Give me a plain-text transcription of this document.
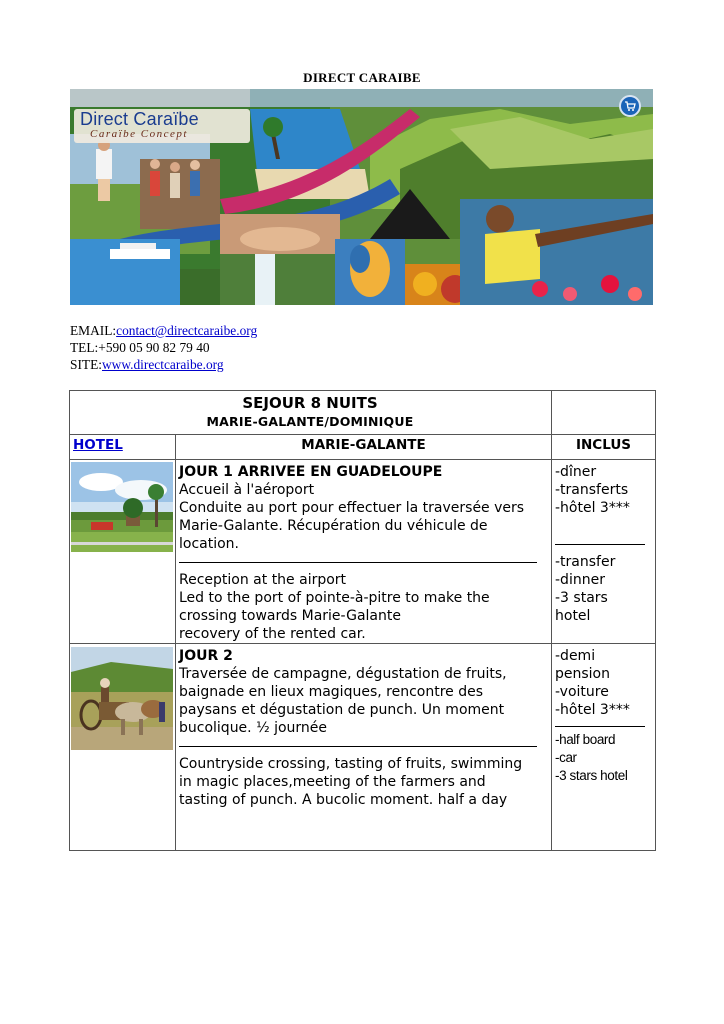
DIRECT CARAIBE
Direct Caraïbe
Caraïbe Concept
EMAIL:contact@directcaraibe.org
TEL:+590 05 90 82 79 40
SITE:www.directcaraibe.org
SEJOUR 8 NUITS
MARIE-GALANTE/DOMINIQUE
HOTEL	MARIE-GALANTE	INCLUS
JOUR 1 ARRIVEE EN GUADELOUPE
Accueil à l'aéroport
Conduite au port pour effectuer la traversée vers
Marie-Galante. Récupération du véhicule de
location.
Reception at the airport
Led to the port of pointe-à-pitre to make the
crossing towards Marie-Galante
recovery of the rented car.
-dîner
-transferts
-hôtel 3***
-transfer
-dinner
-3 stars
hotel
JOUR 2
Traversée de campagne, dégustation de fruits,
baignade en lieux magiques, rencontre des
paysans et dégustation de punch. Un moment
bucolique. ½ journée
Countryside crossing, tasting of fruits, swimming
in magic places,meeting of the farmers and
tasting of punch. A bucolic moment. half a day
-demi
pension
-voiture
-hôtel 3***
-half board
-car
-3 stars hotel
